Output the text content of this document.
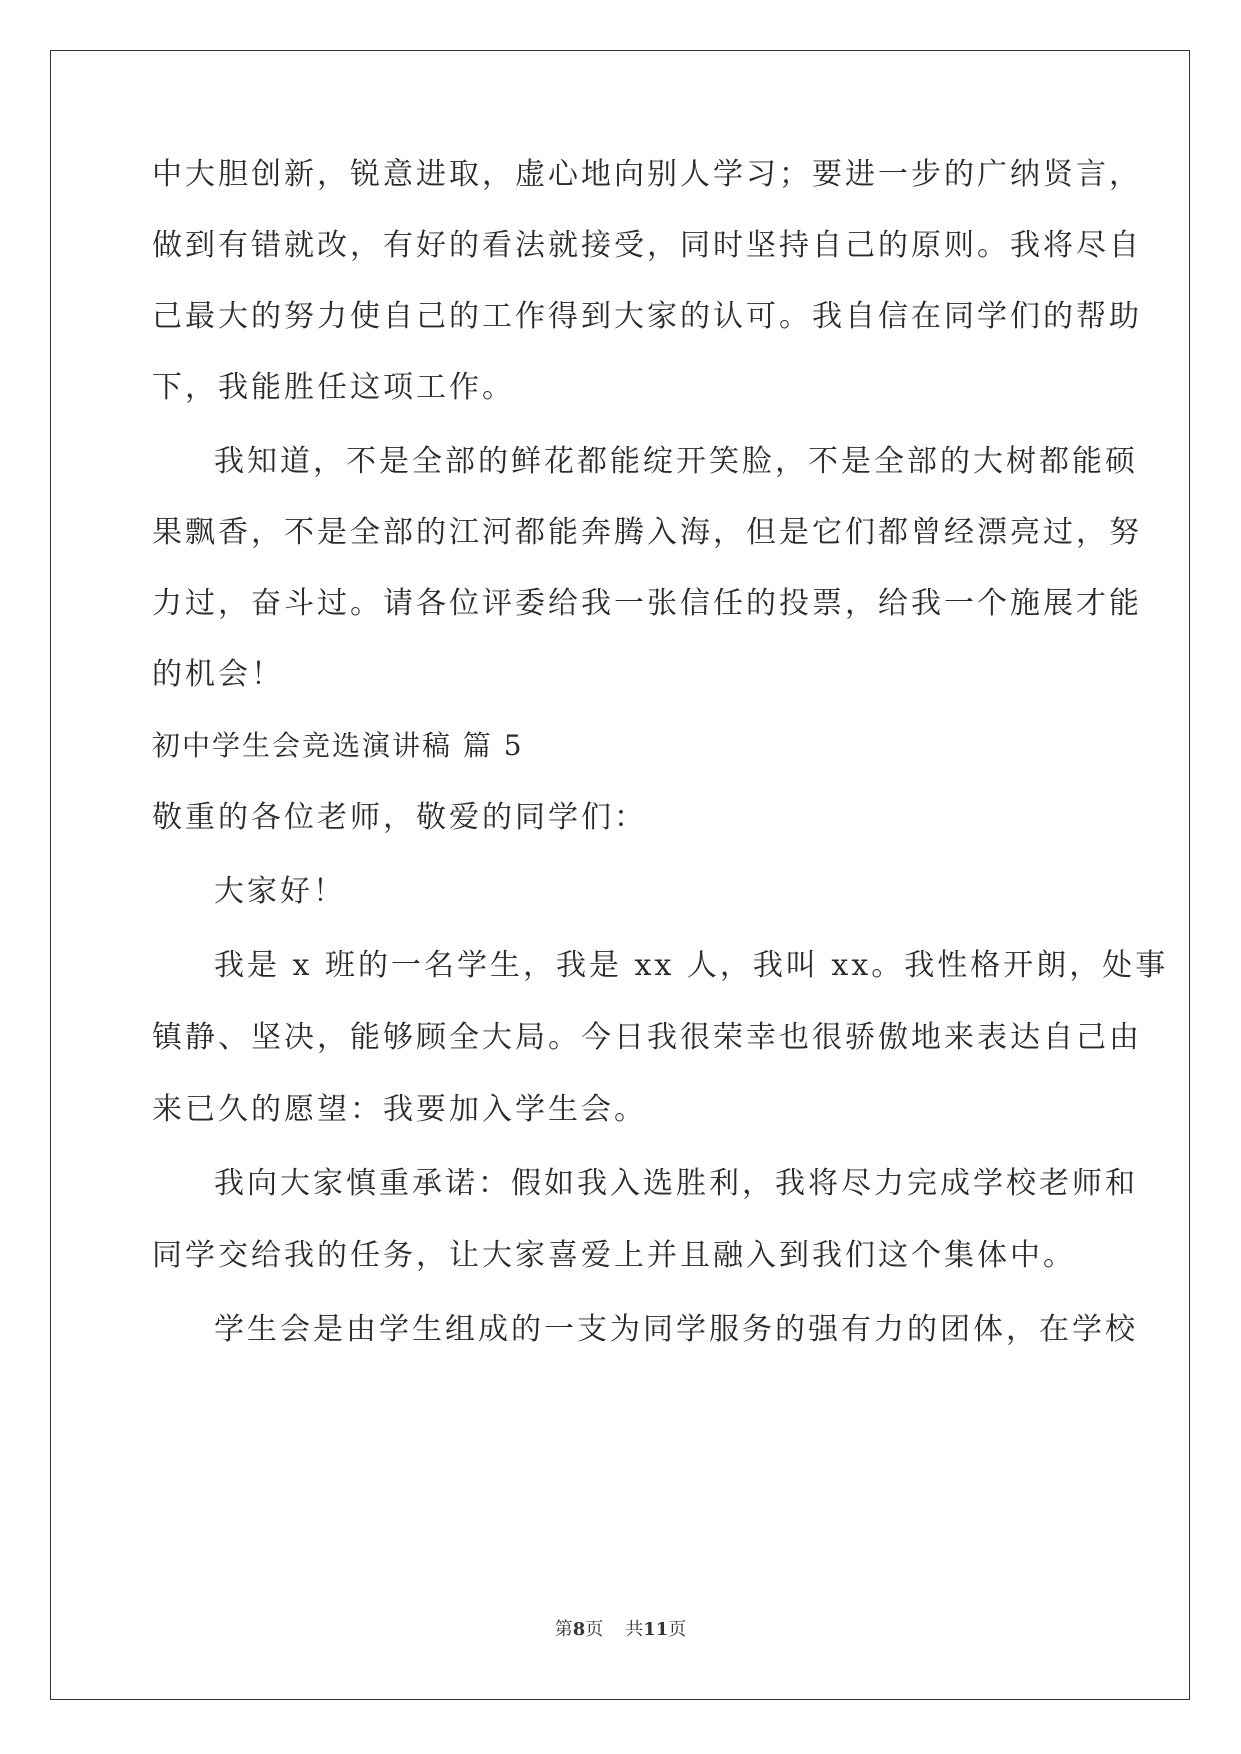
中大胆创新，锐意进取，虚心地向别人学习；要进一步的广纳贤言，
做到有错就改，有好的看法就接受，同时坚持自己的原则。我将尽自
己最大的努力使自己的工作得到大家的认可。我自信在同学们的帮助
下，我能胜任这项工作。
我知道，不是全部的鲜花都能绽开笑脸，不是全部的大树都能硕
果飘香，不是全部的江河都能奔腾入海，但是它们都曾经漂亮过，努
力过，奋斗过。请各位评委给我一张信任的投票，给我一个施展才能
的机会！
初中学生会竞选演讲稿 篇 5
敬重的各位老师，敬爱的同学们：
大家好！
我是 x 班的一名学生，我是 xx 人，我叫 xx。我性格开朗，处事
镇静、坚决，能够顾全大局。今日我很荣幸也很骄傲地来表达自己由
来已久的愿望：我要加入学生会。
我向大家慎重承诺：假如我入选胜利，我将尽力完成学校老师和
同学交给我的任务，让大家喜爱上并且融入到我们这个集体中。
学生会是由学生组成的一支为同学服务的强有力的团体，在学校
第8页 共11页
